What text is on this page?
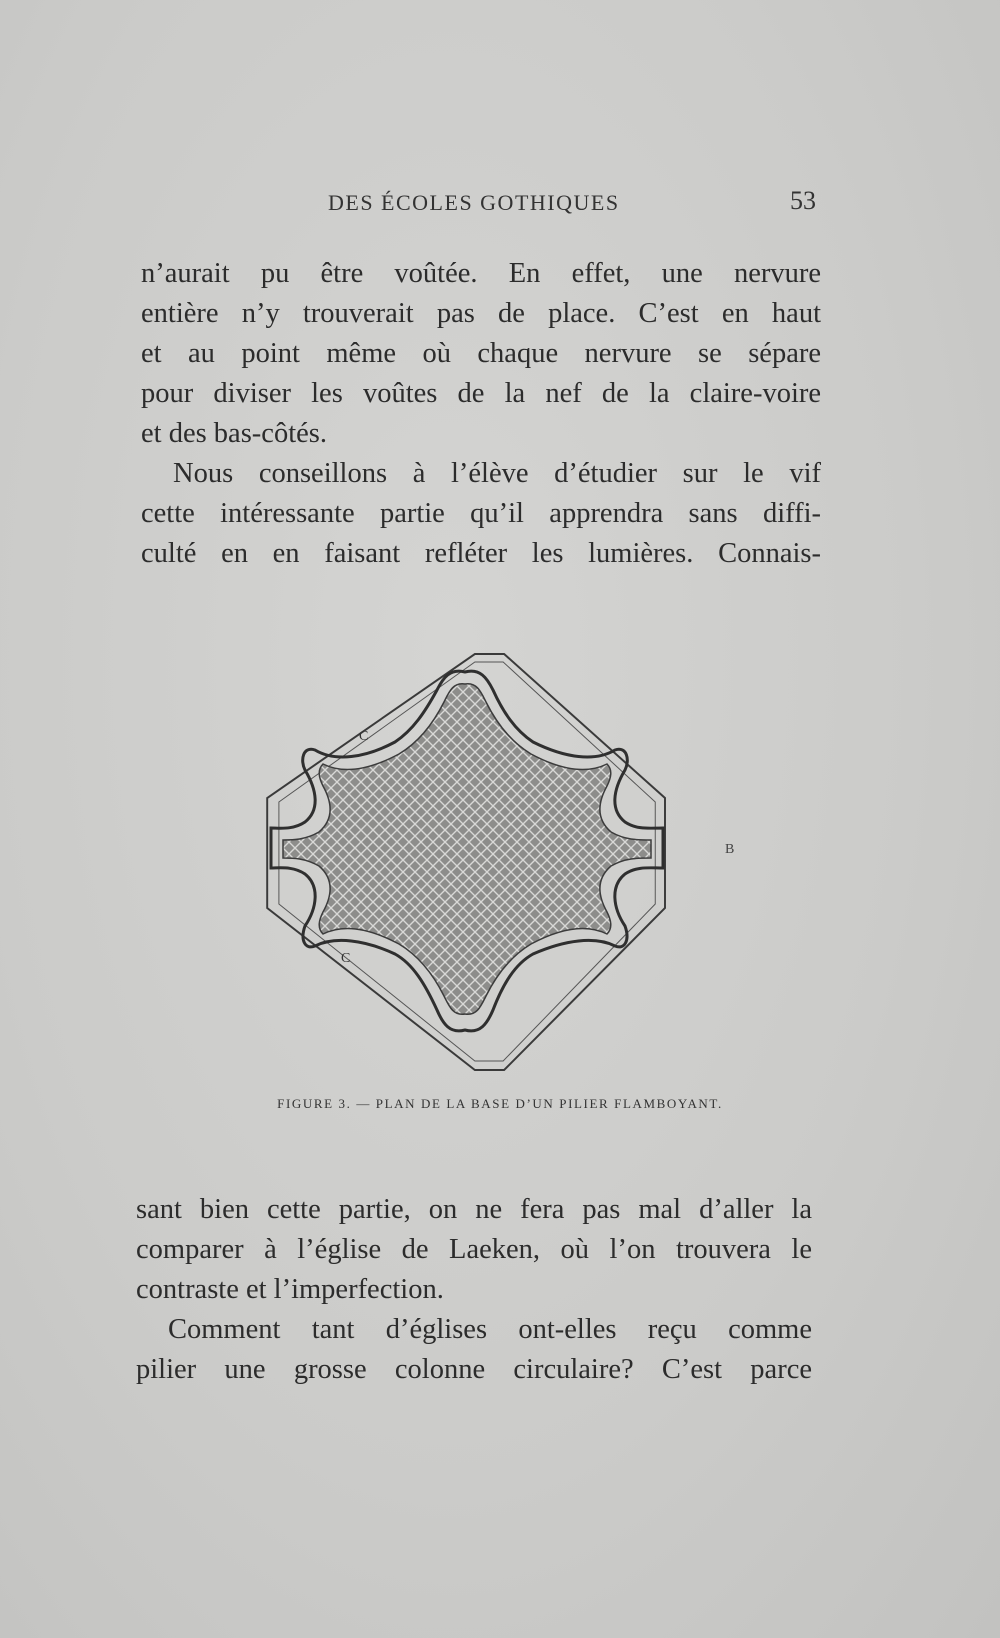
DES ÉCOLES GOTHIQUES	53

n’aurait pu être voûtée. En effet, une nervure
entière n’y trouverait pas de place. C’est en haut
et au point même où chaque nervure se sépare
pour diviser les voûtes de la nef de la claire-voire
et des bas-côtés.

Nous conseillons à l’élève d’étudier sur le vif
cette intéressante partie qu’il apprendra sans diffi-
culté en en faisant refléter les lumières. Connais-

C
C
B
FIGURE 3. — PLAN DE LA BASE D’UN PILIER FLAMBOYANT.

sant bien cette partie, on ne fera pas mal d’aller la
comparer à l’église de Laeken, où l’on trouvera le
contraste et l’imperfection.

Comment tant d’églises ont-elles reçu comme
pilier une grosse colonne circulaire? C’est parce
